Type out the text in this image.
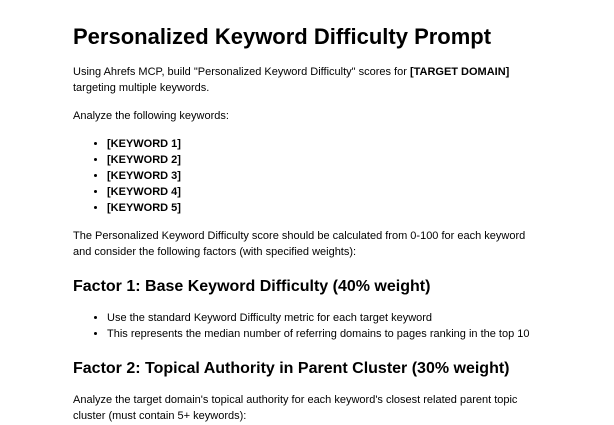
Personalized Keyword Difficulty Prompt

Using Ahrefs MCP, build "Personalized Keyword Difficulty" scores for [TARGET DOMAIN] targeting multiple keywords.

Analyze the following keywords:

• [KEYWORD 1]
• [KEYWORD 2]
• [KEYWORD 3]
• [KEYWORD 4]
• [KEYWORD 5]

The Personalized Keyword Difficulty score should be calculated from 0-100 for each keyword and consider the following factors (with specified weights):

Factor 1: Base Keyword Difficulty (40% weight)
• Use the standard Keyword Difficulty metric for each target keyword
• This represents the median number of referring domains to pages ranking in the top 10
Factor 2: Topical Authority in Parent Cluster (30% weight)

Analyze the target domain's topical authority for each keyword's closest related parent topic cluster (must contain 5+ keywords):
